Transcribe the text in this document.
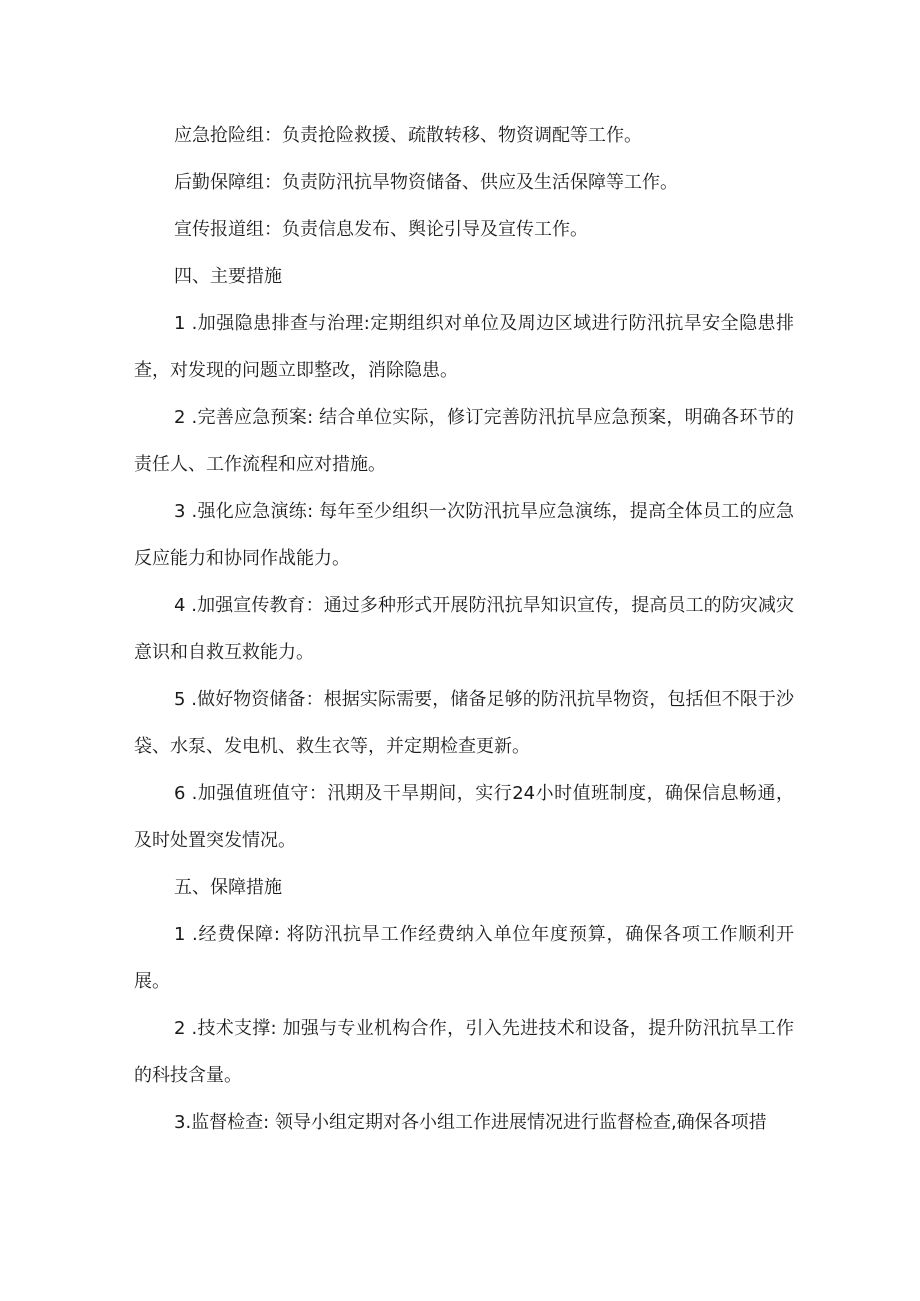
应急抢险组：负责抢险救援、疏散转移、物资调配等工作。

后勤保障组：负责防汛抗旱物资储备、供应及生活保障等工作。

宣传报道组：负责信息发布、舆论引导及宣传工作。

四、主要措施

1 .加强隐患排查与治理:定期组织对单位及周边区域进行防汛抗旱安全隐患排查，对发现的问题立即整改，消除隐患。

2 .完善应急预案: 结合单位实际，修订完善防汛抗旱应急预案，明确各环节的责任人、工作流程和应对措施。

3 .强化应急演练: 每年至少组织一次防汛抗旱应急演练，提高全体员工的应急反应能力和协同作战能力。

4 .加强宣传教育：通过多种形式开展防汛抗旱知识宣传，提高员工的防灾减灾意识和自救互救能力。

5 .做好物资储备：根据实际需要，储备足够的防汛抗旱物资，包括但不限于沙袋、水泵、发电机、救生衣等，并定期检查更新。

6 .加强值班值守：汛期及干旱期间，实行24小时值班制度，确保信息畅通，及时处置突发情况。

五、保障措施

1 .经费保障: 将防汛抗旱工作经费纳入单位年度预算，确保各项工作顺利开展。

2 .技术支撑: 加强与专业机构合作，引入先进技术和设备，提升防汛抗旱工作的科技含量。

3.监督检查: 领导小组定期对各小组工作进展情况进行监督检查,确保各项措
